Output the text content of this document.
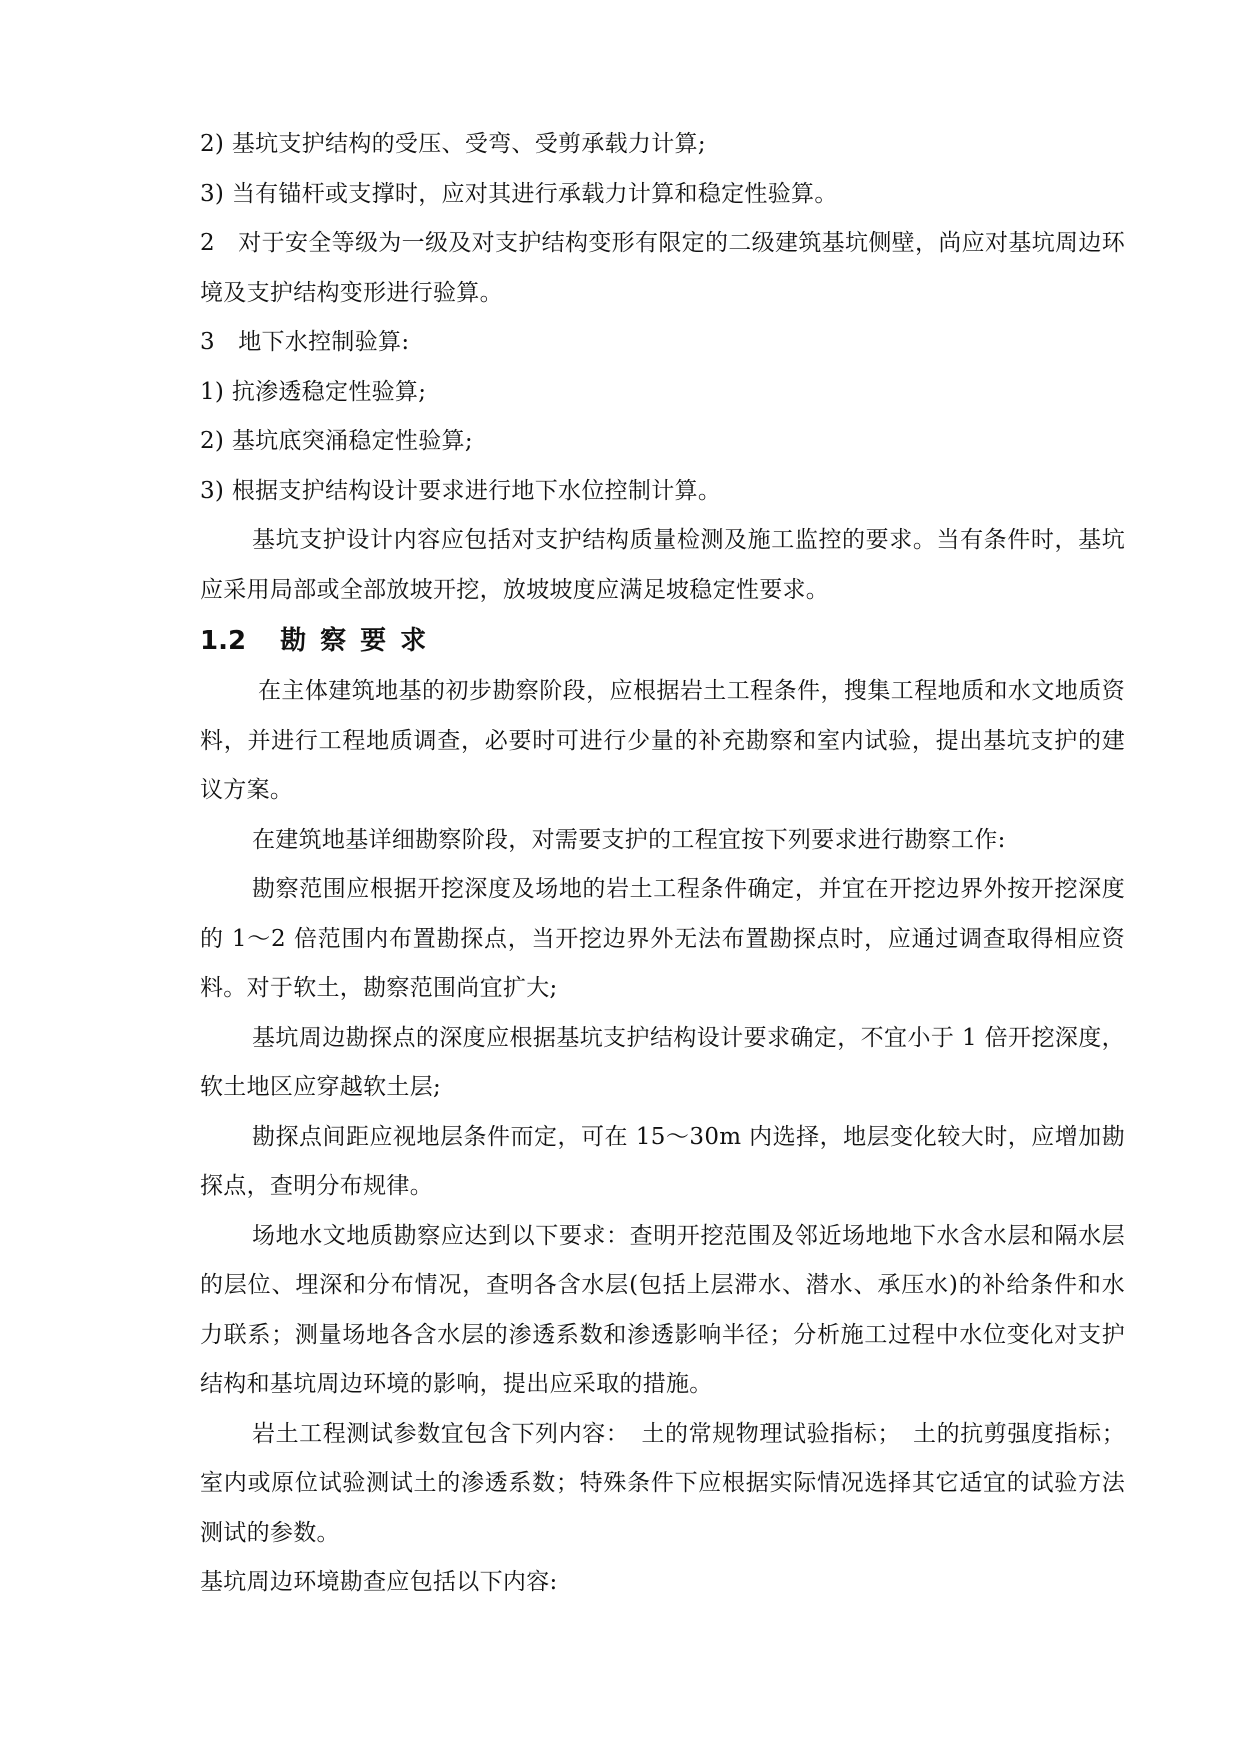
2) 基坑支护结构的受压、受弯、受剪承载力计算;
3) 当有锚杆或支撑时，应对其进行承载力计算和稳定性验算。
2　对于安全等级为一级及对支护结构变形有限定的二级建筑基坑侧壁，尚应对基坑周边环境及支护结构变形进行验算。
3　地下水控制验算:
1) 抗渗透稳定性验算;
2) 基坑底突涌稳定性验算;
3) 根据支护结构设计要求进行地下水位控制计算。
基坑支护设计内容应包括对支护结构质量检测及施工监控的要求。当有条件时，基坑应采用局部或全部放坡开挖，放坡坡度应满足坡稳定性要求。
1.2 勘察要求
在主体建筑地基的初步勘察阶段，应根据岩土工程条件，搜集工程地质和水文地质资料，并进行工程地质调查，必要时可进行少量的补充勘察和室内试验，提出基坑支护的建议方案。
在建筑地基详细勘察阶段，对需要支护的工程宜按下列要求进行勘察工作:
勘察范围应根据开挖深度及场地的岩土工程条件确定，并宜在开挖边界外按开挖深度的 1～2 倍范围内布置勘探点，当开挖边界外无法布置勘探点时，应通过调查取得相应资料。对于软土，勘察范围尚宜扩大;
基坑周边勘探点的深度应根据基坑支护结构设计要求确定，不宜小于 1 倍开挖深度，软土地区应穿越软土层;
勘探点间距应视地层条件而定，可在 15～30m 内选择，地层变化较大时，应增加勘探点，查明分布规律。
场地水文地质勘察应达到以下要求：查明开挖范围及邻近场地地下水含水层和隔水层的层位、埋深和分布情况，查明各含水层(包括上层滞水、潜水、承压水)的补给条件和水力联系；测量场地各含水层的渗透系数和渗透影响半径；分析施工过程中水位变化对支护结构和基坑周边环境的影响，提出应采取的措施。
岩土工程测试参数宜包含下列内容：　土的常规物理试验指标；　土的抗剪强度指标；室内或原位试验测试土的渗透系数；特殊条件下应根据实际情况选择其它适宜的试验方法测试的参数。
基坑周边环境勘查应包括以下内容:
